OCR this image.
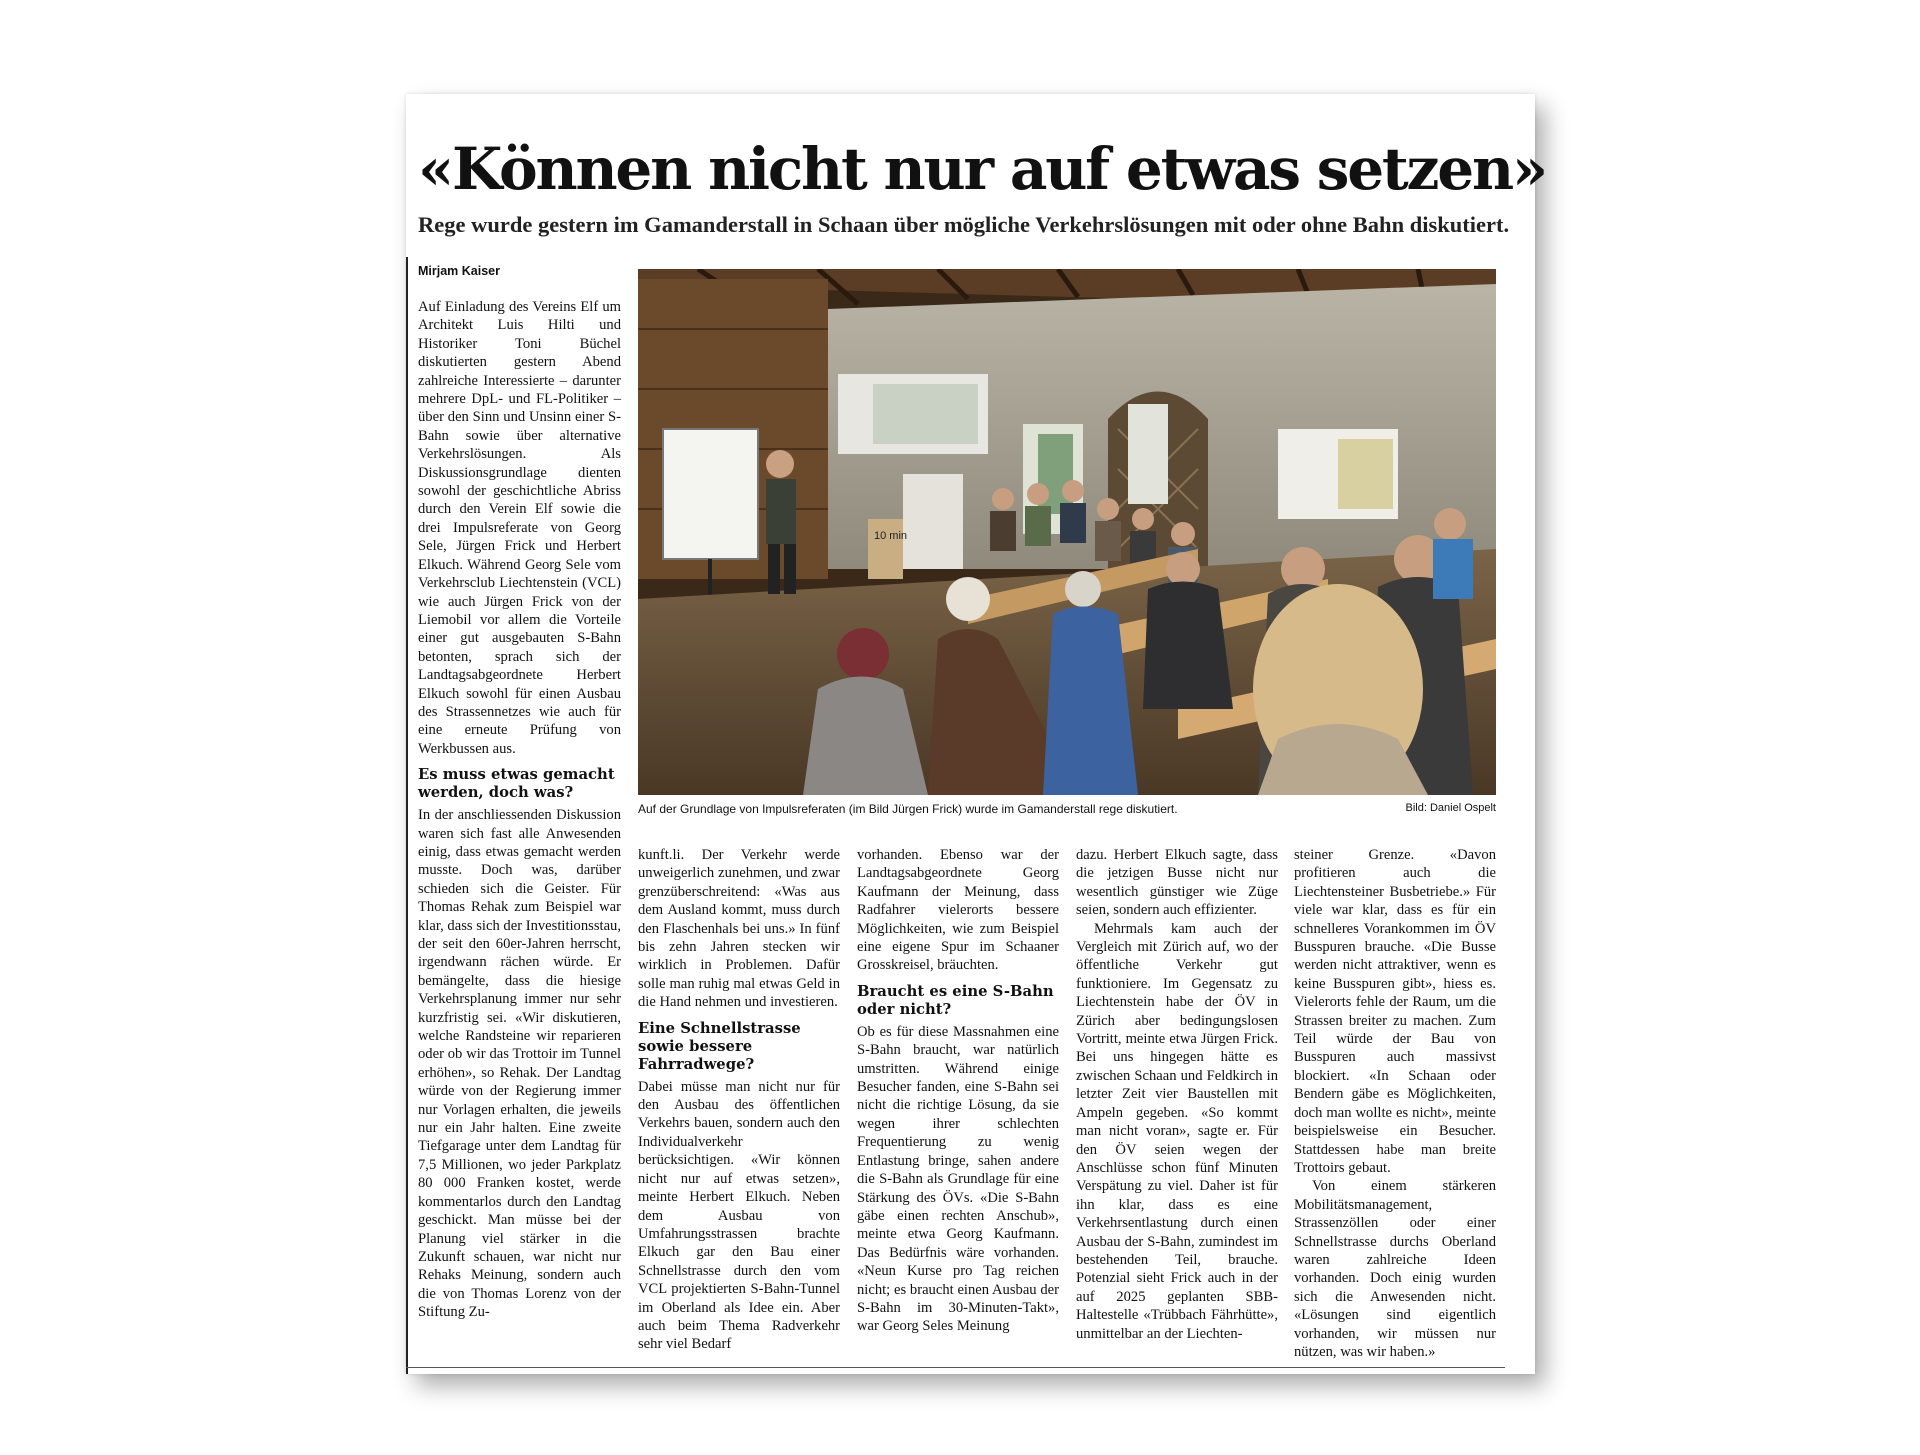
«Können nicht nur auf etwas setzen»
Rege wurde gestern im Gamanderstall in Schaan über mögliche Verkehrslösungen mit oder ohne Bahn diskutiert.
Mirjam Kaiser

Auf Einladung des Vereins Elf um Architekt Luis Hilti und Historiker Toni Büchel diskutierten gestern Abend zahlreiche Interessierte – darunter mehrere DpL- und FL-Politiker – über den Sinn und Unsinn einer S-Bahn sowie über alternative Verkehrslösungen. Als Diskussionsgrundlage dienten sowohl der geschichtliche Abriss durch den Verein Elf sowie die drei Impulsreferate von Georg Sele, Jürgen Frick und Herbert Elkuch. Während Georg Sele vom Verkehrsclub Liechtenstein (VCL) wie auch Jürgen Frick von der Liemobil vor allem die Vorteile einer gut ausgebauten S-Bahn betonten, sprach sich der Landtagsabgeordnete Herbert Elkuch sowohl für einen Ausbau des Strassennetzes wie auch für eine erneute Prüfung von Werkbussen aus.

Es muss etwas gemacht werden, doch was?

In der anschliessenden Diskussion waren sich fast alle Anwesenden einig, dass etwas gemacht werden musste. Doch was, darüber schieden sich die Geister. Für Thomas Rehak zum Beispiel war klar, dass sich der Investitionsstau, der seit den 60er-Jahren herrscht, irgendwann rächen würde. Er bemängelte, dass die hiesige Verkehrsplanung immer nur sehr kurzfristig sei. «Wir diskutieren, welche Randsteine wir reparieren oder ob wir das Trottoir im Tunnel erhöhen», so Rehak. Der Landtag würde von der Regierung immer nur Vorlagen erhalten, die jeweils nur ein Jahr halten. Eine zweite Tiefgarage unter dem Landtag für 7,5 Millionen, wo jeder Parkplatz 80 000 Franken kostet, werde kommentarlos durch den Landtag geschickt. Man müsse bei der Planung viel stärker in die Zukunft schauen, war nicht nur Rehaks Meinung, sondern auch die von Thomas Lorenz von der Stiftung Zu-

10 min
Auf der Grundlage von Impulsreferaten (im Bild Jürgen Frick) wurde im Gamanderstall rege diskutiert.	Bild: Daniel Ospelt

kunft.li. Der Verkehr werde unweigerlich zunehmen, und zwar grenzüberschreitend: «Was aus dem Ausland kommt, muss durch den Flaschenhals bei uns.» In fünf bis zehn Jahren stecken wir wirklich in Problemen. Dafür solle man ruhig mal etwas Geld in die Hand nehmen und investieren.

Eine Schnellstrasse sowie bessere Fahrradwege?

Dabei müsse man nicht nur für den Ausbau des öffentlichen Verkehrs bauen, sondern auch den Individualverkehr berücksichtigen. «Wir können nicht nur auf etwas setzen», meinte Herbert Elkuch. Neben dem Ausbau von Umfahrungsstrassen brachte Elkuch gar den Bau einer Schnellstrasse durch den vom VCL projektierten S-Bahn-Tunnel im Oberland als Idee ein. Aber auch beim Thema Radverkehr sehr viel Bedarf

vorhanden. Ebenso war der Landtagsabgeordnete Georg Kaufmann der Meinung, dass Radfahrer vielerorts bessere Möglichkeiten, wie zum Beispiel eine eigene Spur im Schaaner Grosskreisel, bräuchten.

Braucht es eine S-Bahn oder nicht?

Ob es für diese Massnahmen eine S-Bahn braucht, war natürlich umstritten. Während einige Besucher fanden, eine S-Bahn sei nicht die richtige Lösung, da sie wegen ihrer schlechten Frequentierung zu wenig Entlastung bringe, sahen andere die S-Bahn als Grundlage für eine Stärkung des ÖVs. «Die S-Bahn gäbe einen rechten Anschub», meinte etwa Georg Kaufmann. Das Bedürfnis wäre vorhanden. «Neun Kurse pro Tag reichen nicht; es braucht einen Ausbau der S-Bahn im 30-Minuten-Takt», war Georg Seles Meinung

dazu. Herbert Elkuch sagte, dass die jetzigen Busse nicht nur wesentlich günstiger wie Züge seien, sondern auch effizienter.

Mehrmals kam auch der Vergleich mit Zürich auf, wo der öffentliche Verkehr gut funktioniere. Im Gegensatz zu Liechtenstein habe der ÖV in Zürich aber bedingungslosen Vortritt, meinte etwa Jürgen Frick. Bei uns hingegen hätte es zwischen Schaan und Feldkirch in letzter Zeit vier Baustellen mit Ampeln gegeben. «So kommt man nicht voran», sagte er. Für den ÖV seien wegen der Anschlüsse schon fünf Minuten Verspätung zu viel. Daher ist für ihn klar, dass es eine Verkehrsentlastung durch einen Ausbau der S-Bahn, zumindest im bestehenden Teil, brauche. Potenzial sieht Frick auch in der auf 2025 geplanten SBB-Haltestelle «Trübbach Fährhütte», unmittelbar an der Liechten-

steiner Grenze. «Davon profitieren auch die Liechtensteiner Busbetriebe.» Für viele war klar, dass es für ein schnelleres Vorankommen im ÖV Busspuren brauche. «Die Busse werden nicht attraktiver, wenn es keine Busspuren gibt», hiess es. Vielerorts fehle der Raum, um die Strassen breiter zu machen. Zum Teil würde der Bau von Busspuren auch massivst blockiert. «In Schaan oder Bendern gäbe es Möglichkeiten, doch man wollte es nicht», meinte beispielsweise ein Besucher. Stattdessen habe man breite Trottoirs gebaut.

Von einem stärkeren Mobilitätsmanagement, Strassenzöllen oder einer Schnellstrasse durchs Oberland waren zahlreiche Ideen vorhanden. Doch einig wurden sich die Anwesenden nicht. «Lösungen sind eigentlich vorhanden, wir müssen nur nützen, was wir haben.»
